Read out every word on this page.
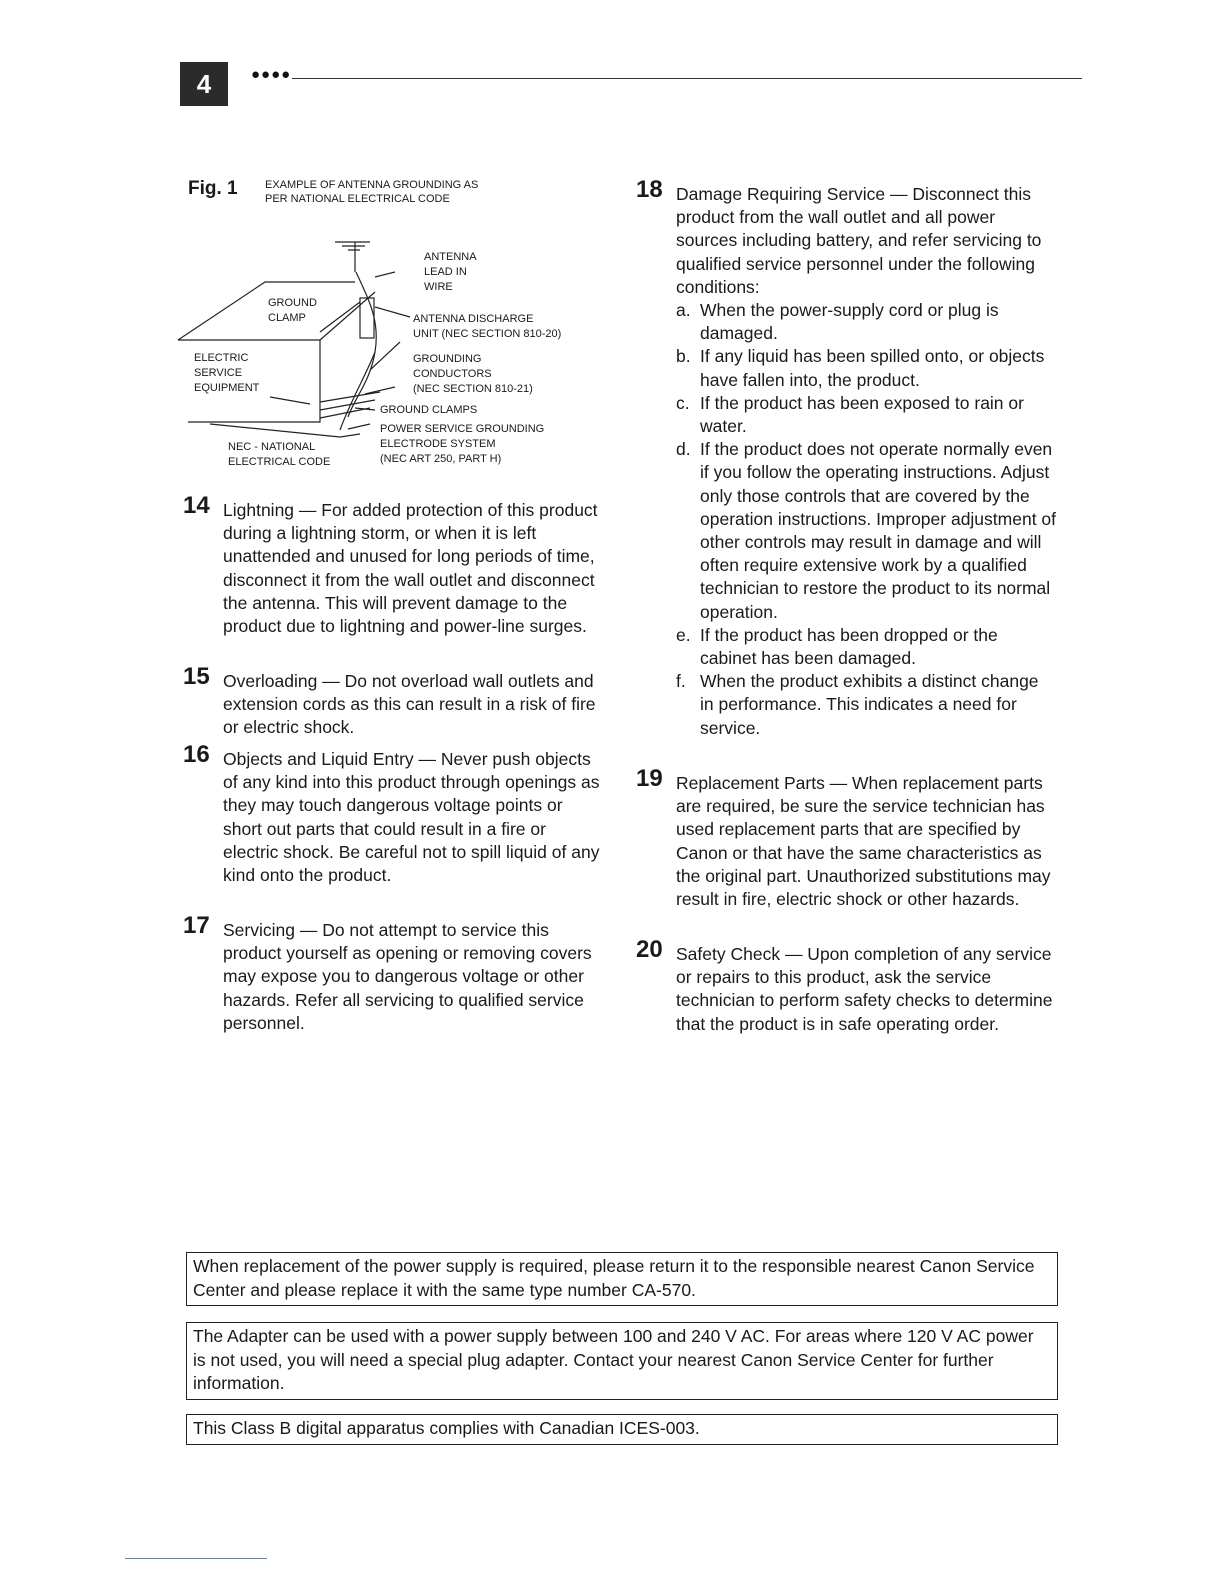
4	●●●●
Fig. 1 EXAMPLE OF ANTENNA GROUNDING AS
PER NATIONAL ELECTRICAL CODE
ANTENNA
LEAD IN
WIRE
GROUND
CLAMP	ANTENNA DISCHARGE
UNIT (NEC SECTION 810-20)
ELECTRIC
SERVICE
EQUIPMENT
GROUNDING
CONDUCTORS
(NEC SECTION 810-21)
GROUND CLAMPS
POWER SERVICE GROUNDING
ELECTRODE SYSTEM
(NEC ART 250, PART H)
NEC - NATIONAL
ELECTRICAL CODE
14 Lightning — For added protection of this product during a lightning storm, or when it is left unattended and unused for long periods of time, disconnect it from the wall outlet and disconnect the antenna. This will prevent damage to the product due to lightning and power-line surges.
15 Overloading — Do not overload wall outlets and extension cords as this can result in a risk of fire or electric shock.
16 Objects and Liquid Entry — Never push objects of any kind into this product through openings as they may touch dangerous voltage points or short out parts that could result in a fire or electric shock. Be careful not to spill liquid of any kind onto the product.
17 Servicing — Do not attempt to service this product yourself as opening or removing covers may expose you to dangerous voltage or other hazards. Refer all servicing to qualified service personnel.
18 Damage Requiring Service — Disconnect this product from the wall outlet and all power sources including battery, and refer servicing to qualified service personnel under the following conditions:
a. When the power-supply cord or plug is damaged.
b. If any liquid has been spilled onto, or objects have fallen into, the product.
c. If the product has been exposed to rain or water.
d. If the product does not operate normally even if you follow the operating instructions. Adjust only those controls that are covered by the operation instructions. Improper adjustment of other controls may result in damage and will often require extensive work by a qualified technician to restore the product to its normal operation.
e. If the product has been dropped or the cabinet has been damaged.
f. When the product exhibits a distinct change in performance. This indicates a need for service.
19 Replacement Parts — When replacement parts are required, be sure the service technician has used replacement parts that are specified by Canon or that have the same characteristics as the original part. Unauthorized substitutions may result in fire, electric shock or other hazards.
20 Safety Check — Upon completion of any service or repairs to this product, ask the service technician to perform safety checks to determine that the product is in safe operating order.
When replacement of the power supply is required, please return it to the responsible nearest Canon Service Center and please replace it with the same type number CA-570.
The Adapter can be used with a power supply between 100 and 240 V AC. For areas where 120 V AC power is not used, you will need a special plug adapter. Contact your nearest Canon Service Center for further information.
This Class B digital apparatus complies with Canadian ICES-003.
